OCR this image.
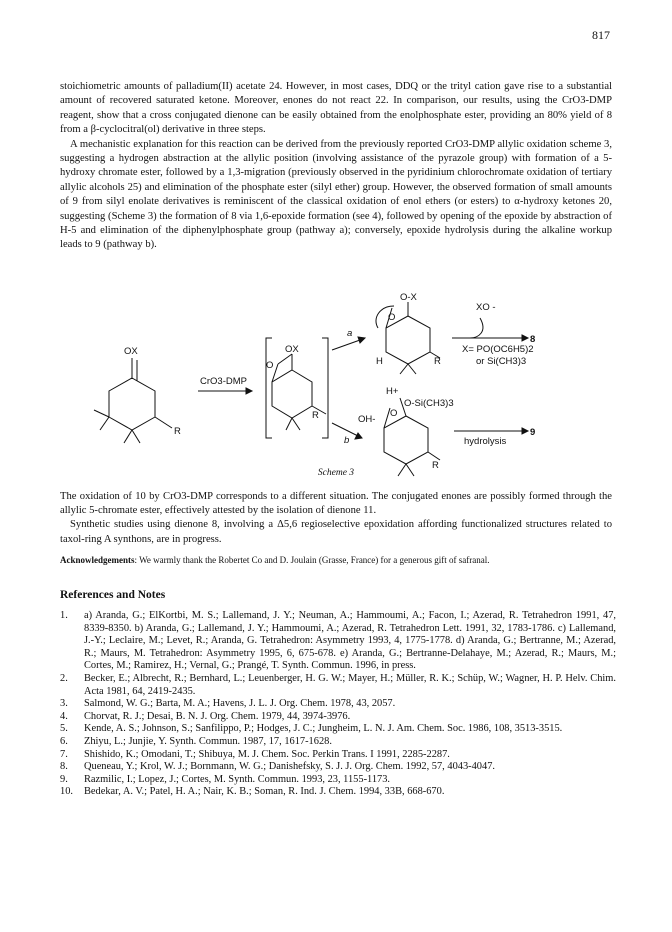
817

stoichiometric amounts of palladium(II) acetate 24. However, in most cases, DDQ or the trityl cation gave rise to a substantial amount of recovered saturated ketone. Moreover, enones do not react 22. In comparison, our results, using the CrO3-DMP reagent, show that a cross conjugated dienone can be easily obtained from the enolphosphate ester, providing an 80% yield of 8 from a β-cyclocitral(ol) derivative in three steps.

A mechanistic explanation for this reaction can be derived from the previously reported CrO3-DMP allylic oxidation scheme 3, suggesting a hydrogen abstraction at the allylic position (involving assistance of the pyrazole group) with formation of a 5-hydroxy chromate ester, followed by a 1,3-migration (previously observed in the pyridinium chlorochromate oxidation of tertiary allylic alcohols 25) and elimination of the phosphate ester (silyl ether) group. However, the observed formation of small amounts of 9 from silyl enolate derivatives is reminiscent of the classical oxidation of enol ethers (or esters) to α-hydroxy ketones 20, suggesting (Scheme 3) the formation of 8 via 1,6-epoxide formation (see 4), followed by opening of the epoxide by abstraction of H-5 and elimination of the diphenylphosphate group (pathway a); conversely, epoxide hydrolysis during the alkaline workup leads to 9 (pathway b).

OX
R
CrO3-DMP
OX
O
R
a
b
O-X
O
H	R
XO -
8
X= PO(OC6H5)2
or Si(CH3)3
H+
O-Si(CH3)3
O
OH-
R
hydrolysis
9
Scheme 3

The oxidation of 10 by CrO3-DMP corresponds to a different situation. The conjugated enones are possibly formed through the allylic 5-chromate ester, effectively attested by the isolation of dienone 11.

Synthetic studies using dienone 8, involving a Δ5,6 regioselective epoxidation affording functionalized structures related to taxol-ring A synthons, are in progress.

Acknowledgements: We warmly thank the Robertet Co and D. Joulain (Grasse, France) for a generous gift of safranal.

References and Notes
1.	a) Aranda, G.; ElKortbi, M. S.; Lallemand, J. Y.; Neuman, A.; Hammoumi, A.; Facon, I.; Azerad, R. Tetrahedron 1991, 47, 8339-8350. b) Aranda, G.; Lallemand, J. Y.; Hammoumi, A.; Azerad, R. Tetrahedron Lett. 1991, 32, 1783-1786. c) Lallemand, J.-Y.; Leclaire, M.; Levet, R.; Aranda, G. Tetrahedron: Asymmetry 1993, 4, 1775-1778. d) Aranda, G.; Bertranne, M.; Azerad, R.; Maurs, M. Tetrahedron: Asymmetry 1995, 6, 675-678. e) Aranda, G.; Bertranne-Delahaye, M.; Azerad, R.; Maurs, M.; Cortes, M.; Ramirez, H.; Vernal, G.; Prangé, T. Synth. Commun. 1996, in press.
2.	Becker, E.; Albrecht, R.; Bernhard, L.; Leuenberger, H. G. W.; Mayer, H.; Müller, R. K.; Schüp, W.; Wagner, H. P. Helv. Chim. Acta 1981, 64, 2419-2435.
3.	Salmond, W. G.; Barta, M. A.; Havens, J. L. J. Org. Chem. 1978, 43, 2057.
4.	Chorvat, R. J.; Desai, B. N. J. Org. Chem. 1979, 44, 3974-3976.
5.	Kende, A. S.; Johnson, S.; Sanfilippo, P.; Hodges, J. C.; Jungheim, L. N. J. Am. Chem. Soc. 1986, 108, 3513-3515.
6.	Zhiyu, L.; Junjie, Y. Synth. Commun. 1987, 17, 1617-1628.
7.	Shishido, K.; Omodani, T.; Shibuya, M. J. Chem. Soc. Perkin Trans. I 1991, 2285-2287.
8.	Queneau, Y.; Krol, W. J.; Bornmann, W. G.; Danishefsky, S. J. J. Org. Chem. 1992, 57, 4043-4047.
9.	Razmilic, I.; Lopez, J.; Cortes, M. Synth. Commun. 1993, 23, 1155-1173.
10.	Bedekar, A. V.; Patel, H. A.; Nair, K. B.; Soman, R. Ind. J. Chem. 1994, 33B, 668-670.
